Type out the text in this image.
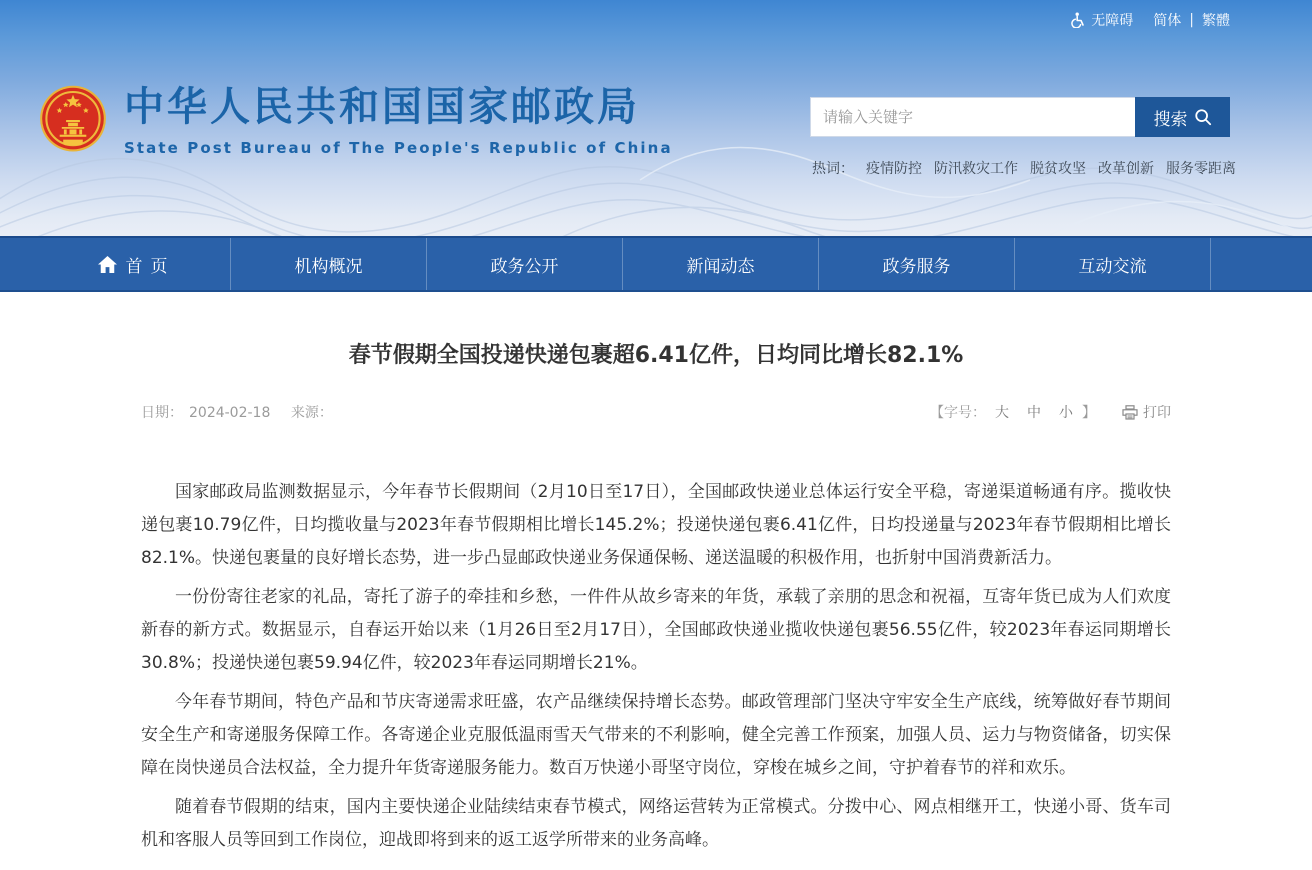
无障碍 简体 | 繁體
中华人民共和国国家邮政局
State Post Bureau of The People's Republic of China
请输入关键字
搜索
热词： 疫情防控 防汛救灾工作 脱贫攻坚 改革创新 服务零距离
首页	机构概况	政务公开	新闻动态	政务服务	互动交流
春节假期全国投递快递包裹超6.41亿件，日均同比增长82.1%
日期： 2024-02-18 来源：	【字号： 大 中 小 】	打印

国家邮政局监测数据显示，今年春节长假期间（2月10日至17日），全国邮政快递业总体运行安全平稳，寄递渠道畅通有序。揽收快递包裹10.79亿件，日均揽收量与2023年春节假期相比增长145.2%；投递快递包裹6.41亿件，日均投递量与2023年春节假期相比增长82.1%。快递包裹量的良好增长态势，进一步凸显邮政快递业务保通保畅、递送温暖的积极作用，也折射中国消费新活力。

一份份寄往老家的礼品，寄托了游子的牵挂和乡愁，一件件从故乡寄来的年货，承载了亲朋的思念和祝福，互寄年货已成为人们欢度新春的新方式。数据显示，自春运开始以来（1月26日至2月17日），全国邮政快递业揽收快递包裹56.55亿件，较2023年春运同期增长30.8%；投递快递包裹59.94亿件，较2023年春运同期增长21%。

今年春节期间，特色产品和节庆寄递需求旺盛，农产品继续保持增长态势。邮政管理部门坚决守牢安全生产底线，统筹做好春节期间安全生产和寄递服务保障工作。各寄递企业克服低温雨雪天气带来的不利影响，健全完善工作预案，加强人员、运力与物资储备，切实保障在岗快递员合法权益，全力提升年货寄递服务能力。数百万快递小哥坚守岗位，穿梭在城乡之间，守护着春节的祥和欢乐。

随着春节假期的结束，国内主要快递企业陆续结束春节模式，网络运营转为正常模式。分拨中心、网点相继开工，快递小哥、货车司机和客服人员等回到工作岗位，迎战即将到来的返工返学所带来的业务高峰。
